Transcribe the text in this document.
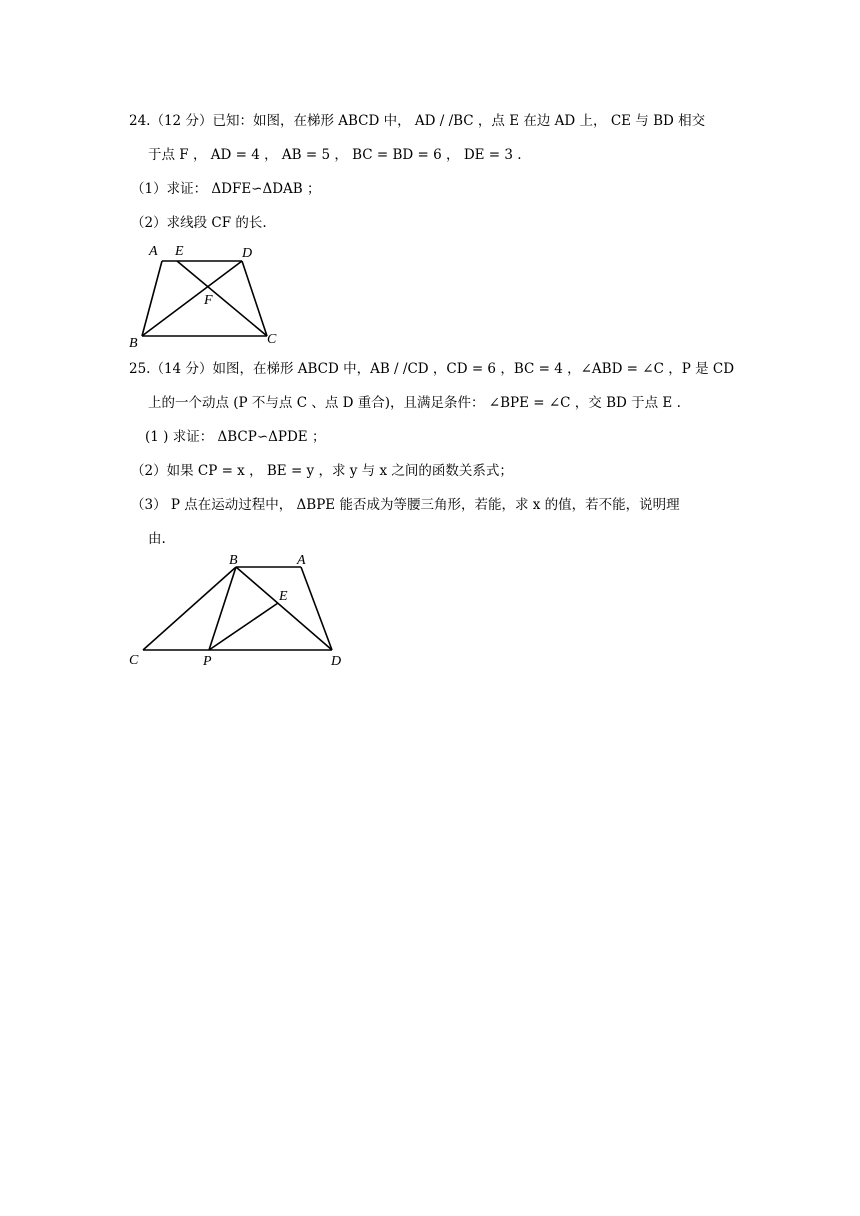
24.（12 分）已知：如图，在梯形 ABCD 中， AD / /BC ，点 E 在边 AD 上， CE 与 BD 相交
于点 F ， AD = 4 ， AB = 5 ， BC = BD = 6 ， DE = 3 .
（1）求证： ΔDFE∽ΔDAB ；
（2）求线段 CF 的长.
A E	D
F
B	C
25.（14 分）如图，在梯形 ABCD 中，AB / /CD ，CD = 6 ，BC = 4 ，∠ABD = ∠C ，P 是 CD
上的一个动点 (P 不与点 C 、点 D 重合)，且满足条件： ∠BPE = ∠C ，交 BD 于点 E .
(1 ) 求证： ΔBCP∽ΔPDE ；
（2）如果 CP = x ， BE = y ，求 y 与 x 之间的函数关系式；
（3） P 点在运动过程中， ΔBPE 能否成为等腰三角形，若能，求 x 的值，若不能，说明理
由.
B	A
E
C	P	D
